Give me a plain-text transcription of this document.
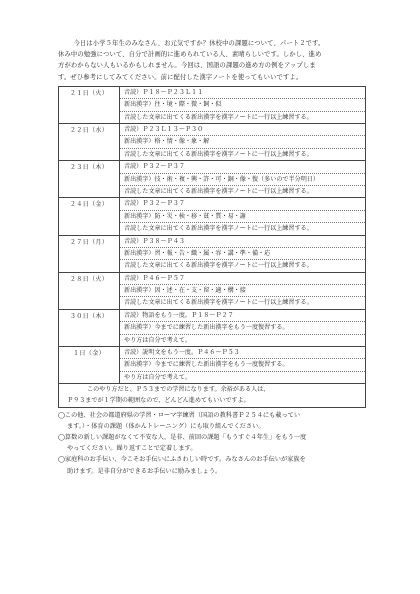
　今日は小学５年生のみなさん、お元気ですか？休校中の課題について、パート２です。

休み中の勉強について、自分で計画的に進められている人、素晴らしいです。しかし、進め

方がわからない人もいるかもしれません。今回は、国語の課題の進め方の例をアップしま

す。ぜひ参考にしてみてください。前に配付した漢字ノートを使ってもいいですよ。

２１日（火）	音読）Ｐ１８～Ｐ２３Ｌ１１
新出漢字）往・境・際・微・飼・似
音読した文章に出てくる新出漢字を漢字ノートに一行以上練習する。

２２日（水）	音読）Ｐ２３Ｌ１３～Ｐ３０
新出漢字）格・情・像・象・解
音読した文章に出てくる新出漢字を漢字ノートに一行以上練習する。

２３日（木）	音読）Ｐ３２～Ｐ３７
新出漢字）技・術・複・興・許・可・銅・像・復（多いので半分明日）
音読した文章に出てくる新出漢字を漢字ノートに一行以上練習する。

２４日（金）	音読）Ｐ３２～Ｐ３７
新出漢字）防・災・検・移・貧・質・易・謝
音読した文章に出てくる新出漢字を漢字ノートに一行以上練習する。

２７日（月）	音読）Ｐ３８～Ｐ４３
新出漢字）習・報・告・織・属・容・講・準・備・応
音読した文章に出てくる新出漢字を漢字ノートに一行以上練習する。

２８日（火）	音読）Ｐ４６～Ｐ５７
新出漢字）因・述・在・支・留・適・構・接
音読した文章に出てくる新出漢字を漢字ノートに一行以上練習する。

３０日（木）	音読）物語をもう一度。Ｐ１８～Ｐ２７
新出漢字）今までに練習した新出漢字をもう一度復習する。
やり方は自分で考えて。

１日（金）	音読）説明文をもう一度。Ｐ４６～Ｐ５３
新出漢字）今までに練習した新出漢字をもう一度復習する。
やり方は自分で考えて。

このやり方だと、Ｐ５３までの学習になります。余裕がある人は、
Ｐ９３までが１学期の範囲なので、どんどん進めてもいいですよ。	

◯この他、社会の都道府県の学習・ローマ字練習（国語の教科書Ｐ２５４にも載ってい

ます。）・体育の課題（体かんトレーニング）にも取り組んでください。

◯算数の新しい課題がなくて不安な人、是非、前回の課題「もうすぐ４年生」をもう一度

やってください。繰り返すことで定着します。

◯家庭科のお手伝い、今こそお手伝いにふさわしい時です。みなさんのお手伝いが家族を

助けます。是非自分ができるお手伝いに励みましょう。
